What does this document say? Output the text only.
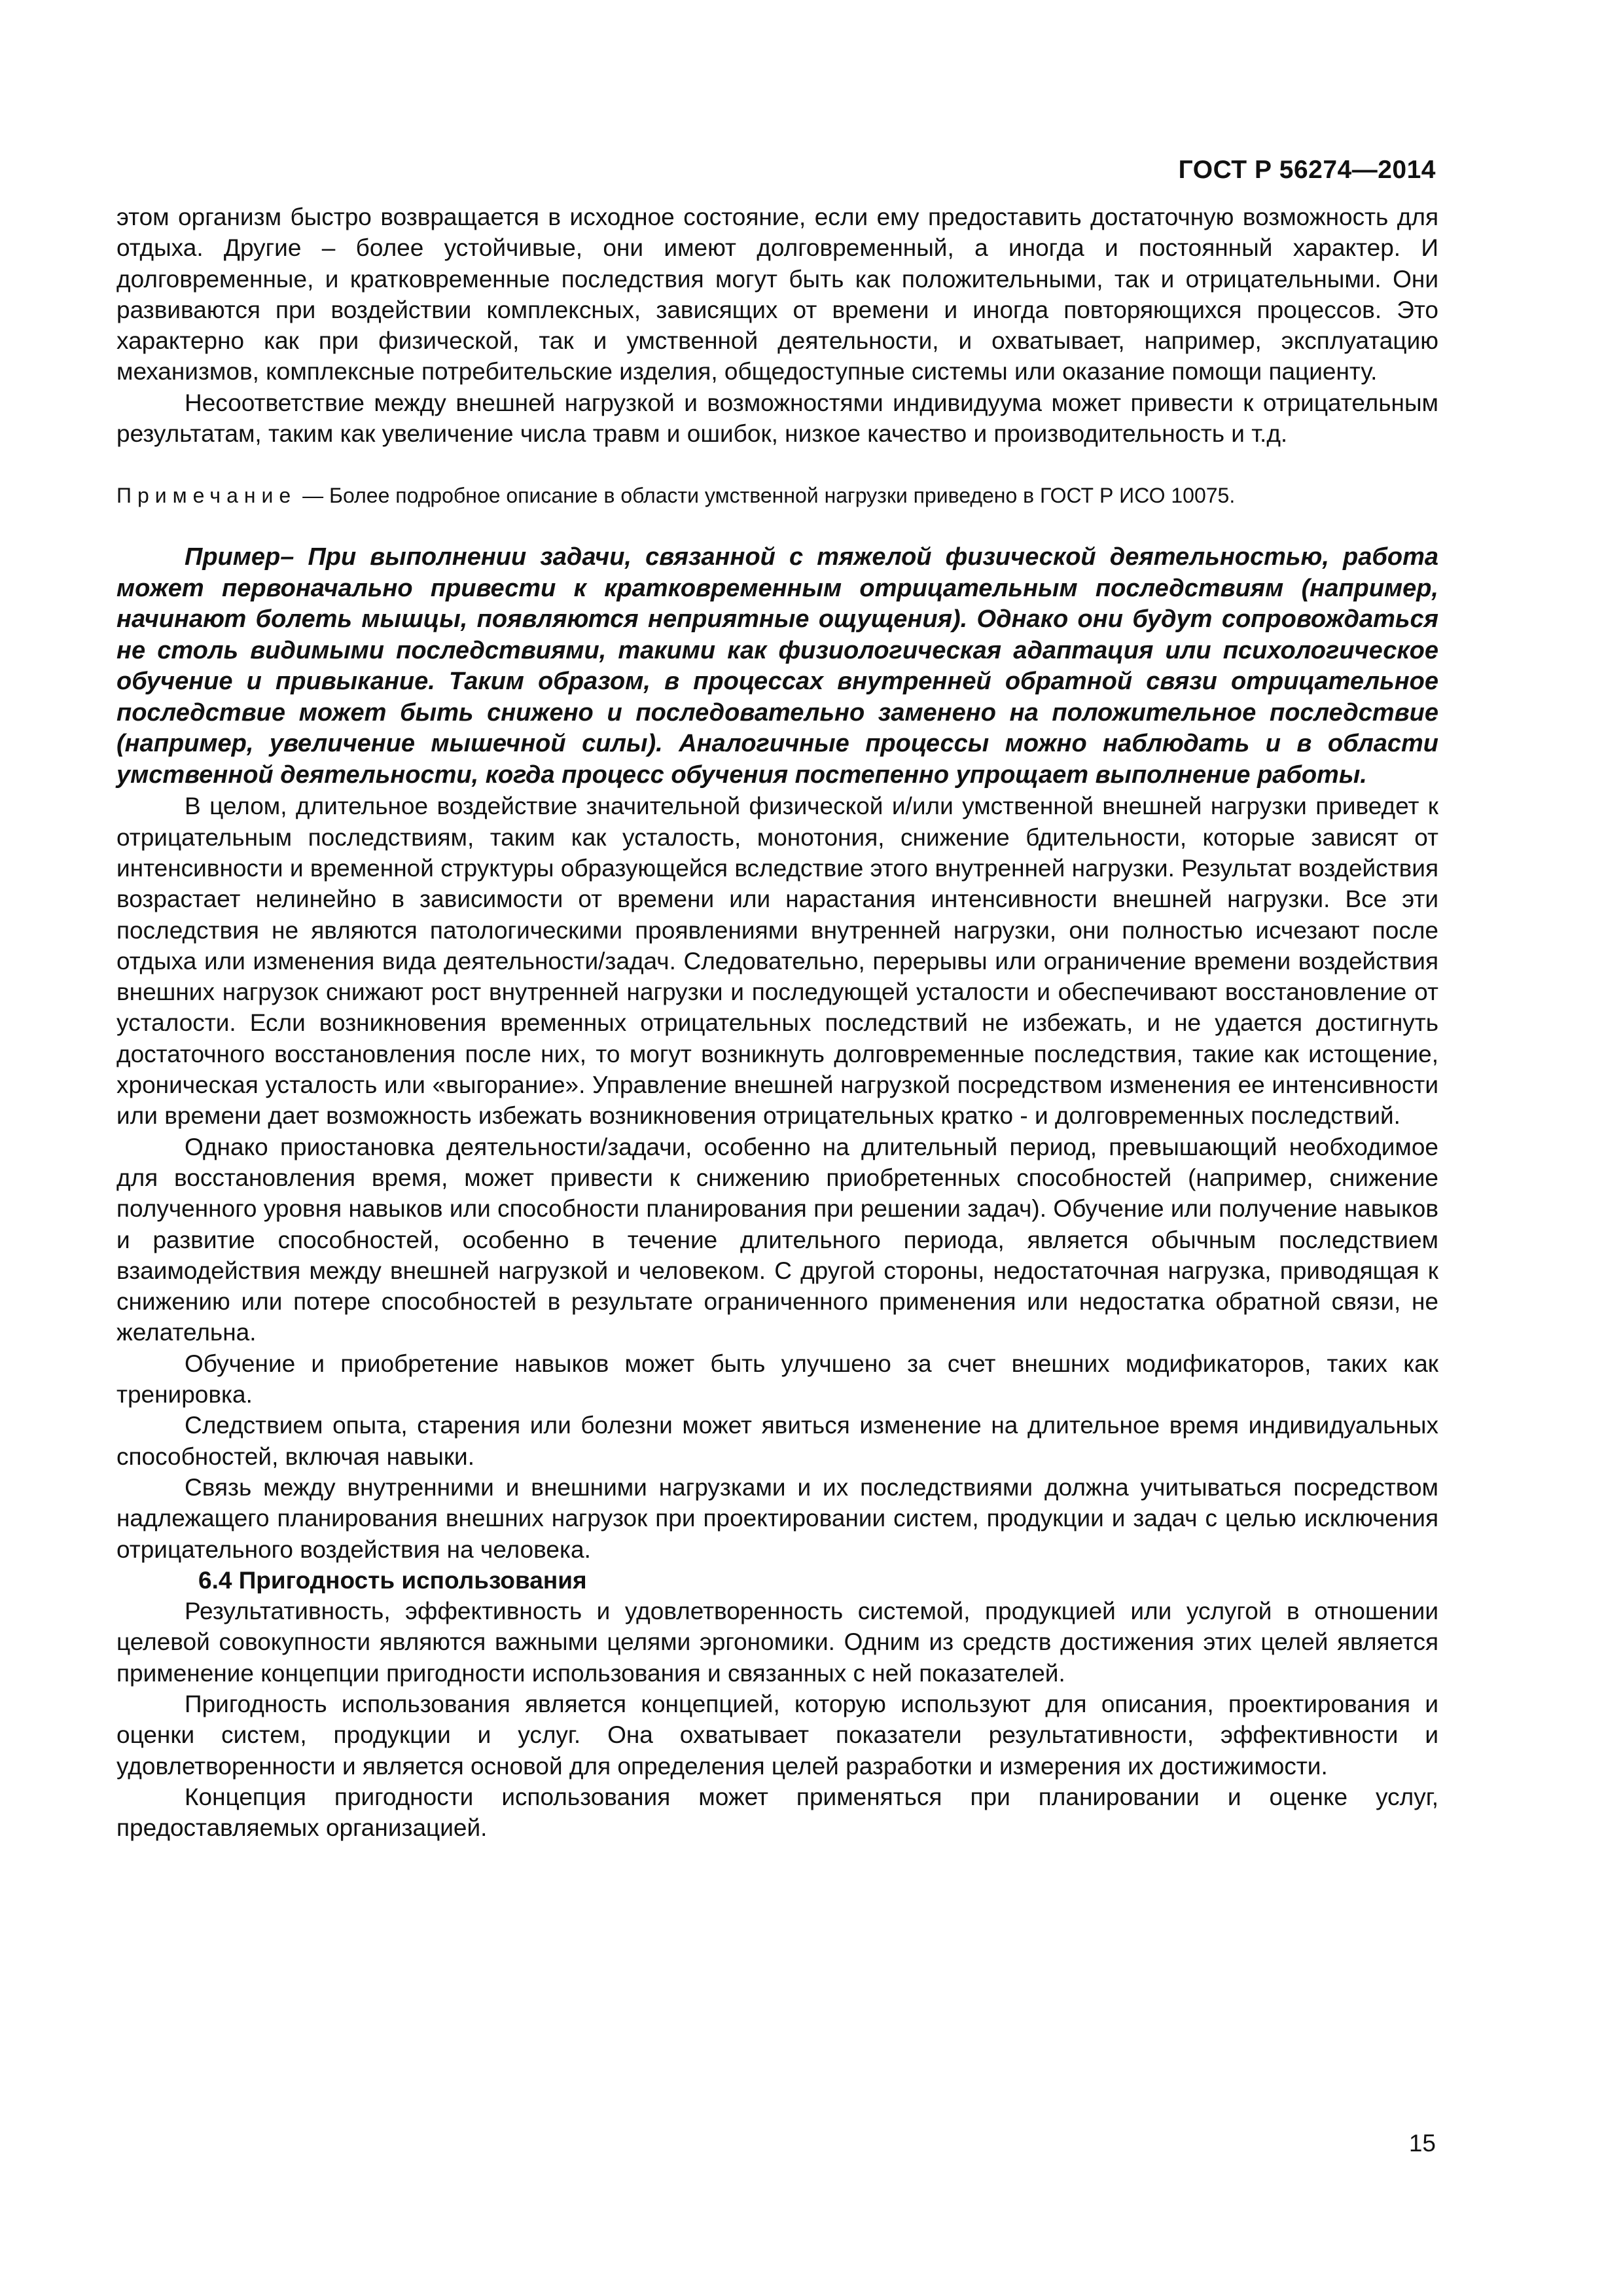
ГОСТ Р 56274—2014

этом организм быстро возвращается в исходное состояние, если ему предоставить достаточную возможность для отдыха. Другие – более устойчивые, они имеют долговременный, а иногда и постоянный характер. И долговременные, и кратковременные последствия могут быть как положительными, так и отрицательными. Они развиваются при воздействии комплексных, зависящих от времени и иногда повторяющихся процессов. Это характерно как при физической, так и умственной деятельности, и охватывает, например, эксплуатацию механизмов, комплексные потребительские изделия, общедоступные системы или оказание помощи пациенту.

Несоответствие между внешней нагрузкой и возможностями индивидуума может привести к отрицательным результатам, таким как увеличение числа травм и ошибок, низкое качество и производительность и т.д.

Примечание — Более подробное описание в области умственной нагрузки приведено в ГОСТ Р ИСО 10075.

Пример– При выполнении задачи, связанной с тяжелой физической деятельностью, работа может первоначально привести к кратковременным отрицательным последствиям (например, начинают болеть мышцы, появляются неприятные ощущения). Однако они будут сопровождаться не столь видимыми последствиями, такими как физиологическая адаптация или психологическое обучение и привыкание. Таким образом, в процессах внутренней обратной связи отрицательное последствие может быть снижено и последовательно заменено на положительное последствие (например, увеличение мышечной силы). Аналогичные процессы можно наблюдать и в области умственной деятельности, когда процесс обучения постепенно упрощает выполнение работы.

В целом, длительное воздействие значительной физической и/или умственной внешней нагрузки приведет к отрицательным последствиям, таким как усталость, монотония, снижение бдительности, которые зависят от интенсивности и временной структуры образующейся вследствие этого внутренней нагрузки. Результат воздействия возрастает нелинейно в зависимости от времени или нарастания интенсивности внешней нагрузки. Все эти последствия не являются патологическими проявлениями внутренней нагрузки, они полностью исчезают после отдыха или изменения вида деятельности/задач. Следовательно, перерывы или ограничение времени воздействия внешних нагрузок снижают рост внутренней нагрузки и последующей усталости и обеспечивают восстановление от усталости. Если возникновения временных отрицательных последствий не избежать, и не удается достигнуть достаточного восстановления после них, то могут возникнуть долговременные последствия, такие как истощение, хроническая усталость или «выгорание». Управление внешней нагрузкой посредством изменения ее интенсивности или времени дает возможность избежать возникновения отрицательных кратко - и долговременных последствий.

Однако приостановка деятельности/задачи, особенно на длительный период, превышающий необходимое для восстановления время, может привести к снижению приобретенных способностей (например, снижение полученного уровня навыков или способности планирования при решении задач). Обучение или получение навыков и развитие способностей, особенно в течение длительного периода, является обычным последствием взаимодействия между внешней нагрузкой и человеком. С другой стороны, недостаточная нагрузка, приводящая к снижению или потере способностей в результате ограниченного применения или недостатка обратной связи, не желательна.

Обучение и приобретение навыков может быть улучшено за счет внешних модификаторов, таких как тренировка.

Следствием опыта, старения или болезни может явиться изменение на длительное время индивидуальных способностей, включая навыки.

Связь между внутренними и внешними нагрузками и их последствиями должна учитываться посредством надлежащего планирования внешних нагрузок при проектировании систем, продукции и задач с целью исключения отрицательного воздействия на человека.

6.4 Пригодность использования

Результативность, эффективность и удовлетворенность системой, продукцией или услугой в отношении целевой совокупности являются важными целями эргономики. Одним из средств достижения этих целей является применение концепции пригодности использования и связанных с ней показателей.

Пригодность использования является концепцией, которую используют для описания, проектирования и оценки систем, продукции и услуг. Она охватывает показатели результативности, эффективности и удовлетворенности и является основой для определения целей разработки и измерения их достижимости.

Концепция пригодности использования может применяться при планировании и оценке услуг, предоставляемых организацией.

15
